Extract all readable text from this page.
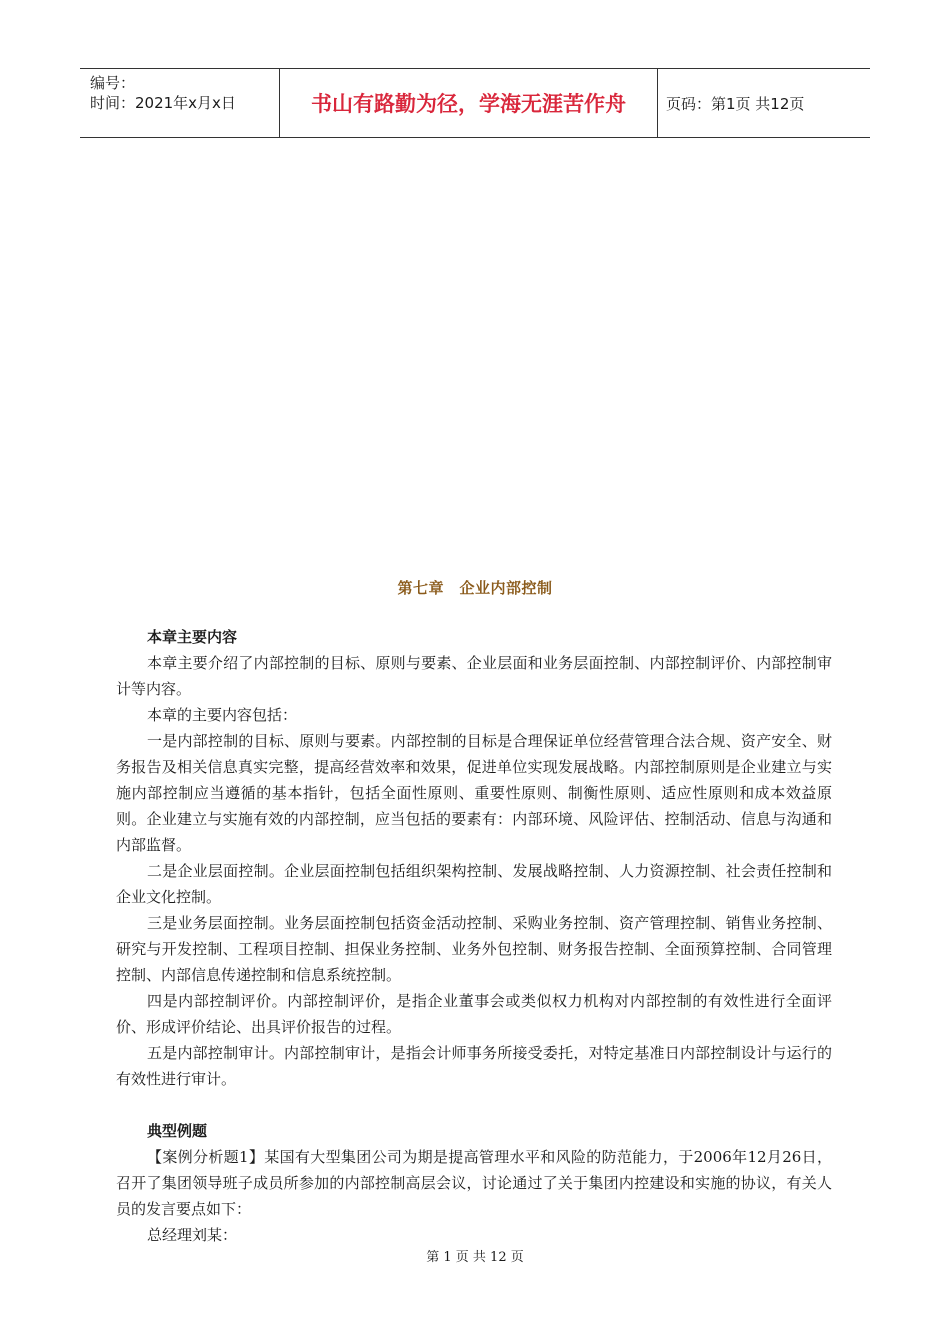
编号：
时间：2021年x月x日	书山有路勤为径，学海无涯苦作舟	页码：第1页 共12页
第七章　企业内部控制

本章主要内容

本章主要介绍了内部控制的目标、原则与要素、企业层面和业务层面控制、内部控制评价、内部控制审计等内容。

本章的主要内容包括：

一是内部控制的目标、原则与要素。内部控制的目标是合理保证单位经营管理合法合规、资产安全、财务报告及相关信息真实完整，提高经营效率和效果，促进单位实现发展战略。内部控制原则是企业建立与实施内部控制应当遵循的基本指针，包括全面性原则、重要性原则、制衡性原则、适应性原则和成本效益原则。企业建立与实施有效的内部控制，应当包括的要素有：内部环境、风险评估、控制活动、信息与沟通和内部监督。

二是企业层面控制。企业层面控制包括组织架构控制、发展战略控制、人力资源控制、社会责任控制和企业文化控制。

三是业务层面控制。业务层面控制包括资金活动控制、采购业务控制、资产管理控制、销售业务控制、研究与开发控制、工程项目控制、担保业务控制、业务外包控制、财务报告控制、全面预算控制、合同管理控制、内部信息传递控制和信息系统控制。

四是内部控制评价。内部控制评价，是指企业董事会或类似权力机构对内部控制的有效性进行全面评价、形成评价结论、出具评价报告的过程。

五是内部控制审计。内部控制审计，是指会计师事务所接受委托，对特定基准日内部控制设计与运行的有效性进行审计。

典型例题

【案例分析题1】某国有大型集团公司为期是提高管理水平和风险的防范能力，于2006年12月26日，召开了集团领导班子成员所参加的内部控制高层会议，讨论通过了关于集团内控建设和实施的协议，有关人员的发言要点如下：

总经理刘某：

第 1 页 共 12 页
